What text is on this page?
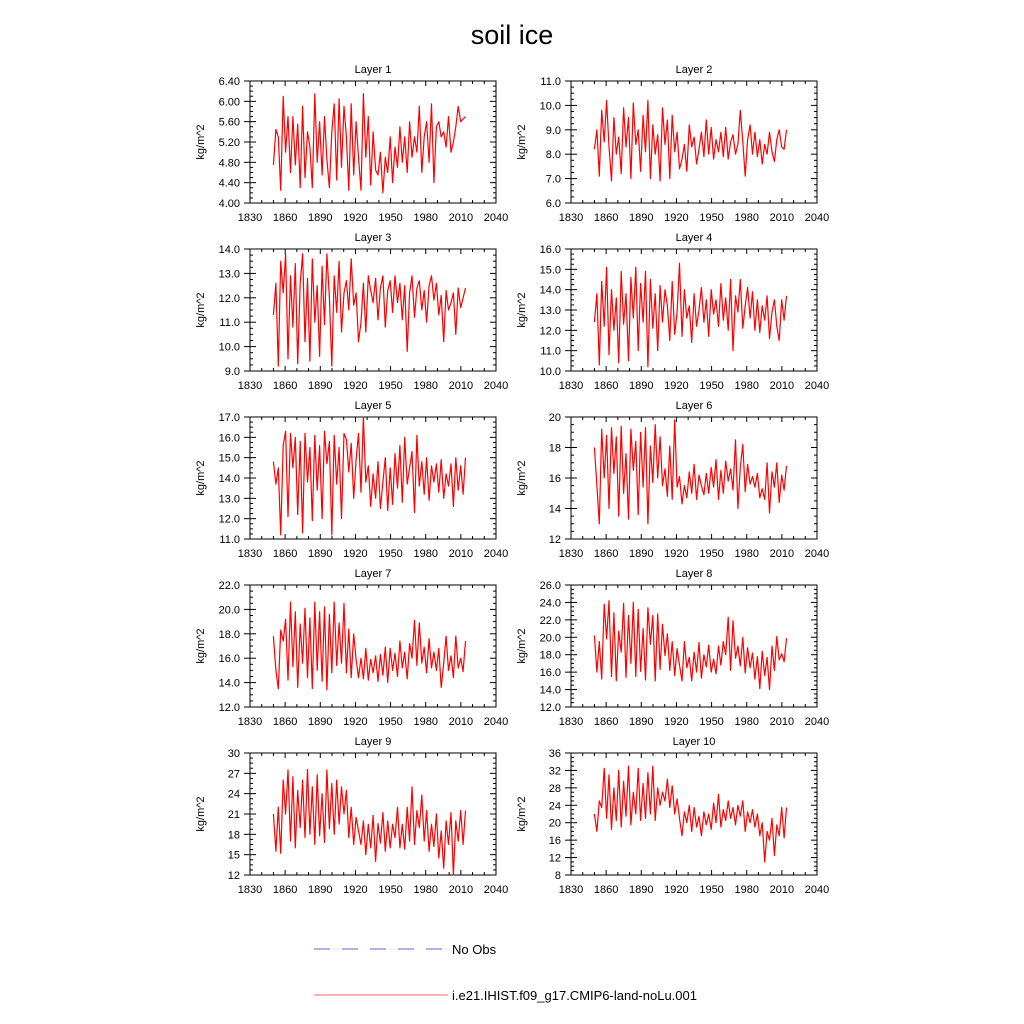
soil ice
Layer 1
kg/m^2
1830 1860 1890 1920 1950 1980 2010 2040
4.00
4.40
4.80
5.20
5.60
6.00
6.40
Layer 2
kg/m^2
1830 1860 1890 1920 1950 1980 2010 2040
6.0
7.0
8.0
9.0
10.0
11.0
Layer 3
kg/m^2
1830 1860 1890 1920 1950 1980 2010 2040
9.0
10.0
11.0
12.0
13.0
14.0
Layer 4
kg/m^2
1830 1860 1890 1920 1950 1980 2010 2040
10.0
11.0
12.0
13.0
14.0
15.0
16.0
Layer 5
kg/m^2
1830 1860 1890 1920 1950 1980 2010 2040
11.0
12.0
13.0
14.0
15.0
16.0
17.0
Layer 6
kg/m^2
1830 1860 1890 1920 1950 1980 2010 2040
12
14
16
18
20
Layer 7
kg/m^2
1830 1860 1890 1920 1950 1980 2010 2040
12.0
14.0
16.0
18.0
20.0
22.0
Layer 8
kg/m^2
1830 1860 1890 1920 1950 1980 2010 2040
12.0
14.0
16.0
18.0
20.0
22.0
24.0
26.0
Layer 9
kg/m^2
1830 1860 1890 1920 1950 1980 2010 2040
12
15
18
21
24
27
30
Layer 10
kg/m^2
1830 1860 1890 1920 1950 1980 2010 2040
8
12
16
20
24
28
32
36
No Obs
i.e21.IHIST.f09_g17.CMIP6-land-noLu.001
